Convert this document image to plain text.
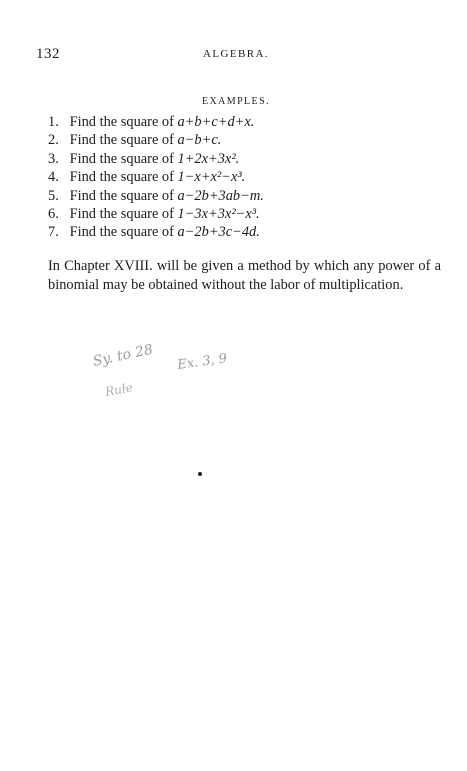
132	ALGEBRA.
EXAMPLES.
1. Find the square of a+b+c+d+x.
2. Find the square of a−b+c.
3. Find the square of 1+2x+3x².
4. Find the square of 1−x+x²−x³.
5. Find the square of a−2b+3ab−m.
6. Find the square of 1−3x+3x²−x³.
7. Find the square of a−2b+3c−4d.

In Chapter XVIII. will be given a method by which any power of a binomial may be obtained without the labor of multiplication.

Sy. to 28 Ex. 3, 9
Rułe
